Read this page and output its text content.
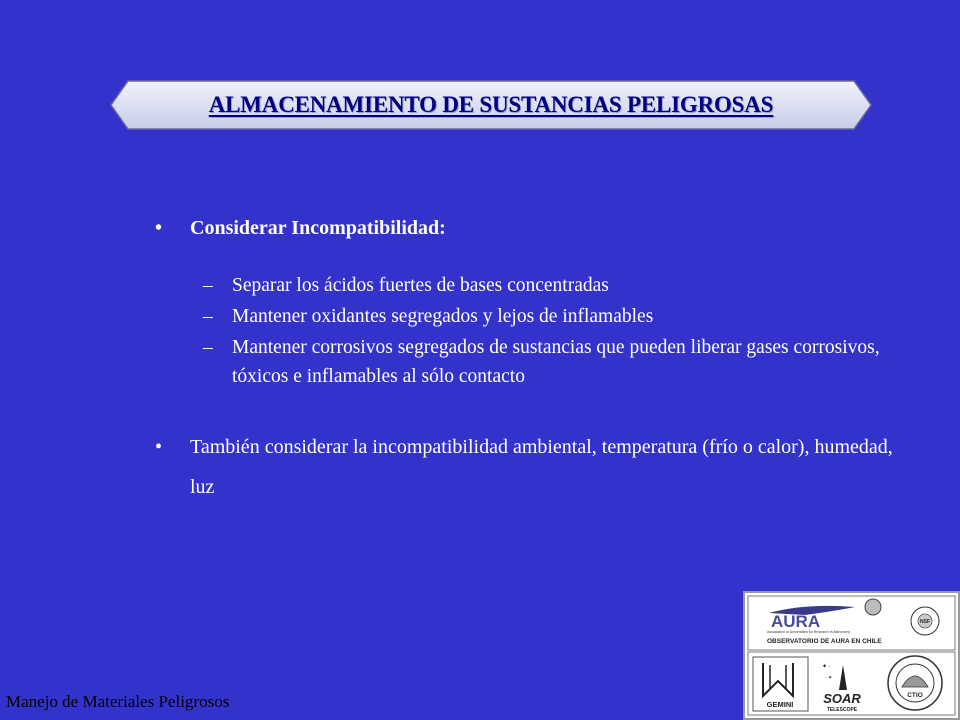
ALMACENAMIENTO DE SUSTANCIAS PELIGROSAS
• Considerar Incompatibilidad:
– Separar los ácidos fuertes de bases concentradas
– Mantener oxidantes segregados y lejos de inflamables
– Mantener corrosivos segregados de sustancias que pueden liberar gases corrosivos, tóxicos e inflamables al sólo contacto
• También considerar la incompatibilidad ambiental, temperatura (frío o calor), humedad, luz
Manejo de Materiales Peligrosos
AURA
Association of Universities for Research in Astronomy
OBSERVATORIO DE AURA EN CHILE
NSF
GEMINI
✦ ·
· ✦
SOAR
TELESCOPE
CTIO
